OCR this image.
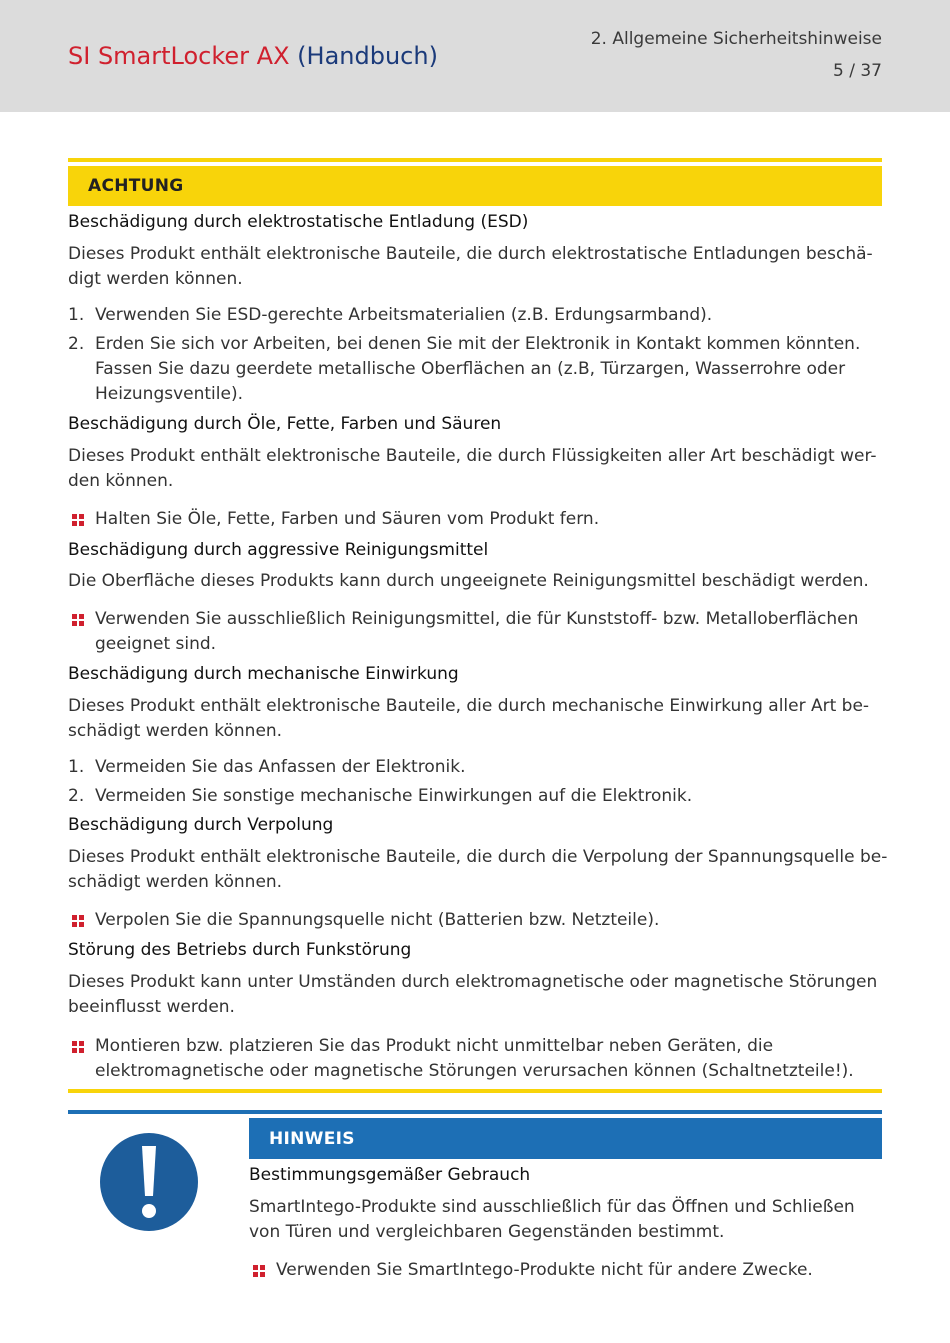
SI SmartLocker AX (Handbuch)
2. Allgemeine Sicherheitshinweise
5 / 37
ACHTUNG
Beschädigung durch elektrostatische Entladung (ESD)
Dieses Produkt enthält elektronische Bauteile, die durch elektrostatische Entladungen beschä-
digt werden können.
1. Verwenden Sie ESD-gerechte Arbeitsmaterialien (z.B. Erdungsarmband).
2. Erden Sie sich vor Arbeiten, bei denen Sie mit der Elektronik in Kontakt kommen könnten.
Fassen Sie dazu geerdete metallische Oberflächen an (z.B, Türzargen, Wasserrohre oder
Heizungsventile).
Beschädigung durch Öle, Fette, Farben und Säuren
Dieses Produkt enthält elektronische Bauteile, die durch Flüssigkeiten aller Art beschädigt wer-
den können.
Halten Sie Öle, Fette, Farben und Säuren vom Produkt fern.
Beschädigung durch aggressive Reinigungsmittel
Die Oberfläche dieses Produkts kann durch ungeeignete Reinigungsmittel beschädigt werden.
Verwenden Sie ausschließlich Reinigungsmittel, die für Kunststoff- bzw. Metalloberflächen
geeignet sind.
Beschädigung durch mechanische Einwirkung
Dieses Produkt enthält elektronische Bauteile, die durch mechanische Einwirkung aller Art be-
schädigt werden können.
1. Vermeiden Sie das Anfassen der Elektronik.
2. Vermeiden Sie sonstige mechanische Einwirkungen auf die Elektronik.
Beschädigung durch Verpolung
Dieses Produkt enthält elektronische Bauteile, die durch die Verpolung der Spannungsquelle be-
schädigt werden können.
Verpolen Sie die Spannungsquelle nicht (Batterien bzw. Netzteile).
Störung des Betriebs durch Funkstörung
Dieses Produkt kann unter Umständen durch elektromagnetische oder magnetische Störungen
beeinflusst werden.
Montieren bzw. platzieren Sie das Produkt nicht unmittelbar neben Geräten, die
elektromagnetische oder magnetische Störungen verursachen können (Schaltnetzteile!).
HINWEIS
Bestimmungsgemäßer Gebrauch
SmartIntego-Produkte sind ausschließlich für das Öffnen und Schließen
von Türen und vergleichbaren Gegenständen bestimmt.
Verwenden Sie SmartIntego-Produkte nicht für andere Zwecke.
